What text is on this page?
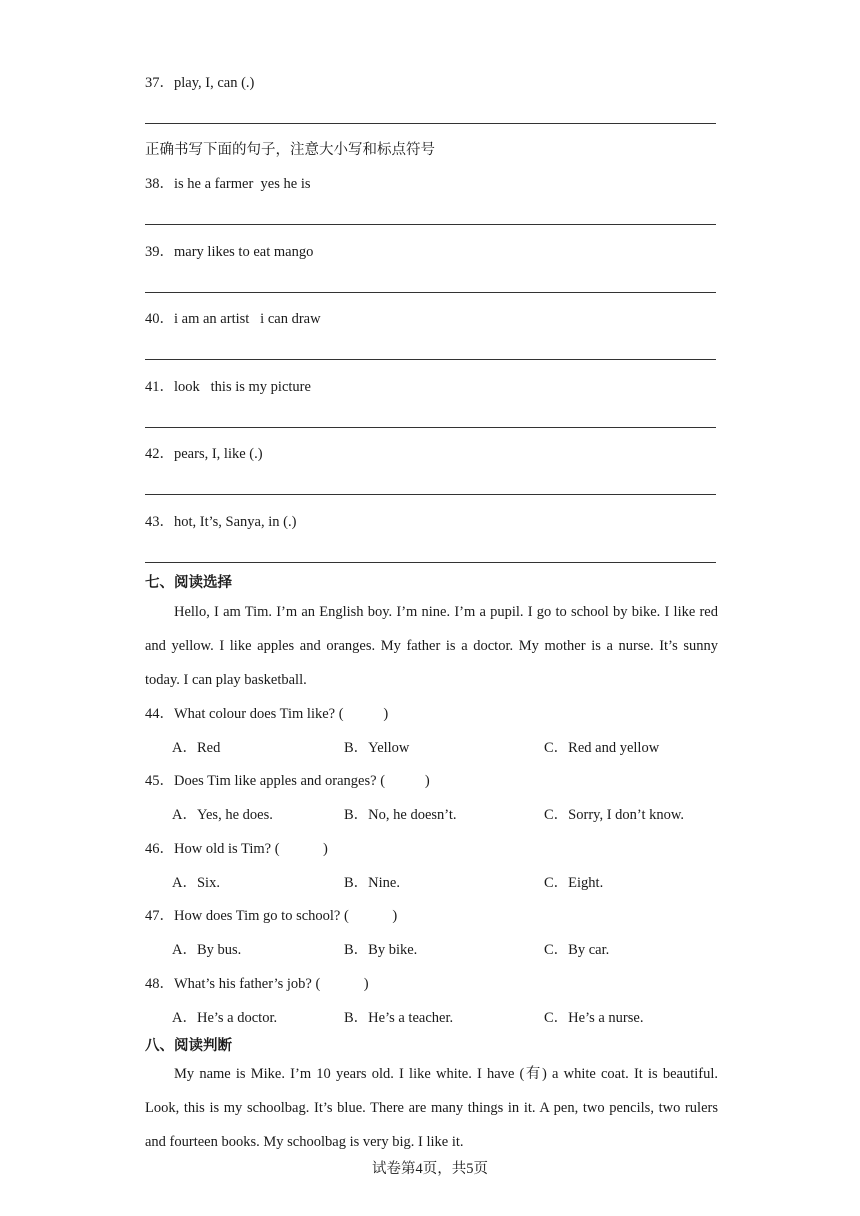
37．play, I, can (.)
正确书写下面的句子，注意大小写和标点符号
38．is he a farmer  yes he is
39．mary likes to eat mango
40．i am an artist   i can draw
41．look   this is my picture
42．pears, I, like (.)
43．hot, It’s, Sanya, in (.)
七、阅读选择
Hello, I am Tim. I’m an English boy. I’m nine. I’m a pupil. I go to school by bike. I like red and yellow. I like apples and oranges. My father is a doctor. My mother is a nurse. It’s sunny today. I can play basketball.
44．What colour does Tim like? (           )
A．Red	B．Yellow	C．Red and yellow
45．Does Tim like apples and oranges? (           )
A．Yes, he does.	B．No, he doesn’t.	C．Sorry, I don’t know.
46．How old is Tim? (            )
A．Six.	B．Nine.	C．Eight.
47．How does Tim go to school? (            )
A．By bus.	B．By bike.	C．By car.
48．What’s his father’s job? (            )
A．He’s a doctor.	B．He’s a teacher.	C．He’s a nurse.
八、阅读判断
My name is Mike. I’m 10 years old. I like white. I have (有) a white coat. It is beautiful. Look, this is my schoolbag. It’s blue. There are many things in it. A pen, two pencils, two rulers and fourteen books. My schoolbag is very big. I like it.
试卷第4页，共5页
